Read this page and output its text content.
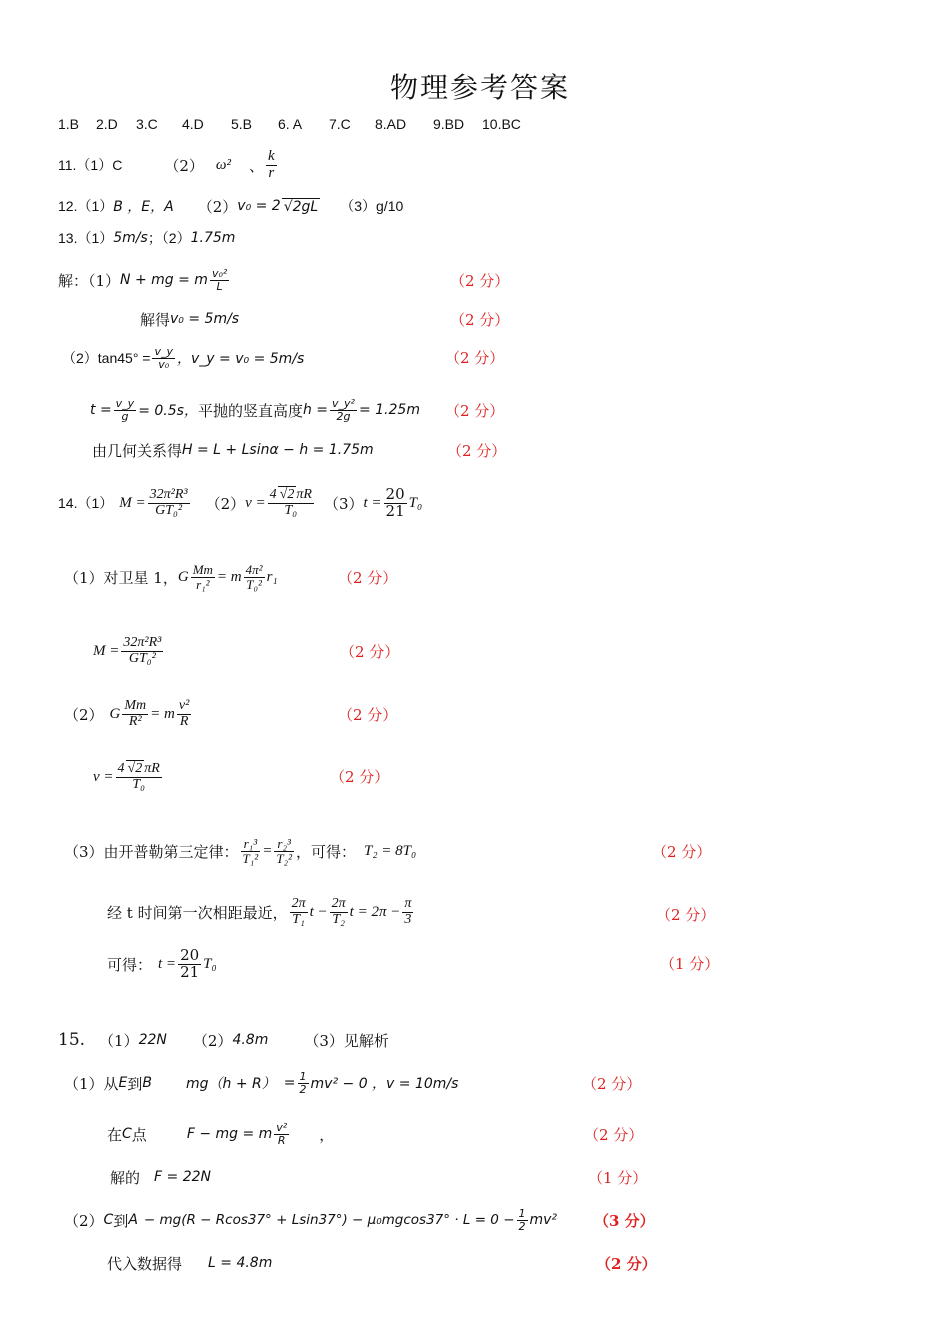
物理参考答案
1.B 2.D 3.C 4.D 5.B 6. A 7.C 8.AD 9.BD 10.BC
11.（1）C	（2） ω² 、 $\frac{k}{r}$
12.（1） B ，E，A （2） v₀ = 2 √2gL （3）g/10
13.（1） 5m/s ；（2） 1.75m
解：（1） N + mg = m $\frac{\text{v₀²}}{L}$	（2 分）
解得 v₀ = 5m/s	（2 分）
$(2)\tan 45^\circ = \frac{v\_y}{\text{v₀}}$ ，v_y = v₀ = 5m/s	（2 分）
$t = \frac{v\_y}{g} = 0.5s$， 平抛的竖直高度 $h = \frac{\text{v\_y²}}{2g} = 1.25m$ （2 分）
由几何关系得 H = L + Lsinα − h = 1.75m	（2 分）
14.（1） $M = \frac{\text{32π²R³}}{\text{GT₀²}} (2) v = \frac{4 √2 \pi R}{\text{T₀}} (3) t = \frac{20}{21} T_0$
（1）对卫星 1， G $\frac{Mm}{\text{r₁²}} = m \frac{\text{4π²}}{\text{T₀²}} r_1$	（2 分）
$M = \frac{\text{32π²R³}}{\text{GT₀²}}$	（2 分）
（2） G $\frac{Mm}{\text{R²}} = m \frac{\text{v²}}{R}$	（2 分）
$v = \frac{4 √2 \pi R}{\text{T₀}}$	（2 分）
（3）由开普勒第三定律： $\frac{\text{r₁³}}{\text{T₁²}} = \frac{\text{r₂³}}{\text{T₂²}}$ ，可得： T₂ = 8T₀	（2 分）
经 t 时间第一次相距最近， $\frac{2\pi}{\text{T₁}}$ $t - \frac{2\pi}{\text{T₂}}$ $t = 2\pi - \frac{\pi}{3}$	（2 分）
可得： $t = \frac{20}{21} T_0$	（1 分）
15. （1） 22N （2） 4.8m （3）见解析
（1）从 E 到 B $mg(h + R) = \frac{1}{2} mv^2 - 0$ ，v = 10m/s	（2 分）
在 C 点	F − mg = m $\frac{\text{v²}}{R}$ ，	（2 分）
解的 F = 22N	（1 分）
（2） C 到 $A - mg(R - Rcos37^\circ + Lsin37^\circ) - \mu_0mgcos37^\circ \cdot L = 0 - \frac{1}{2} mv^2$ （3 分）
代入数据得 L = 4.8m	（2 分）
